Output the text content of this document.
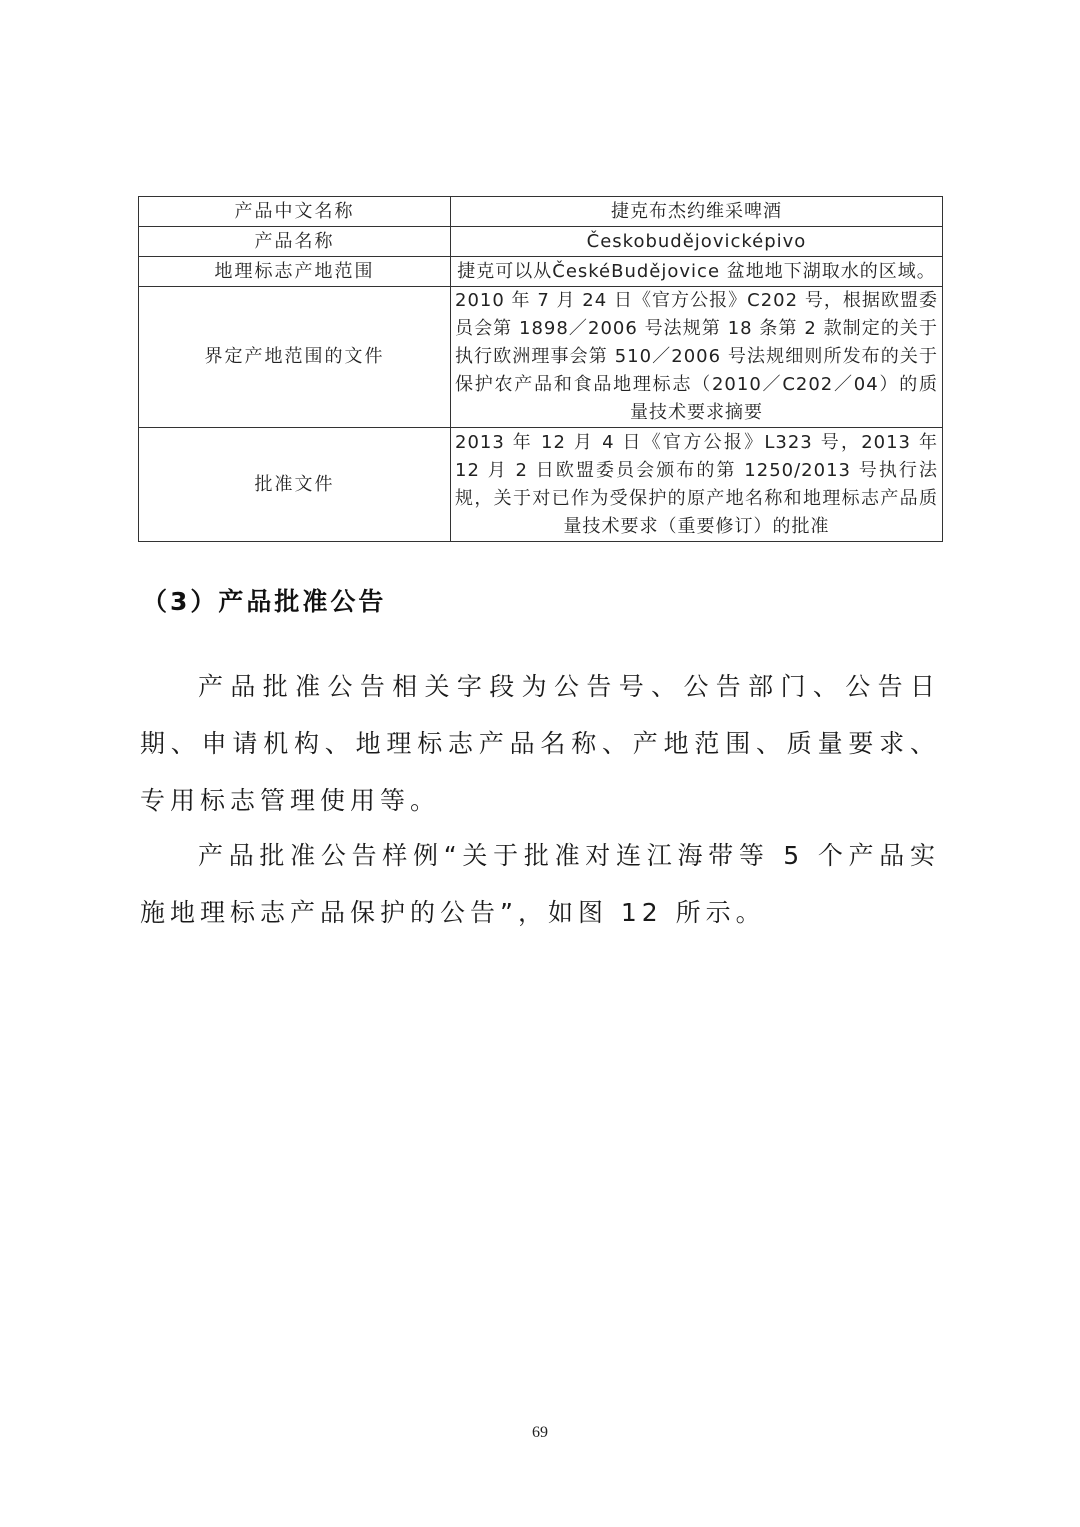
产品中文名称	捷克布杰约维采啤酒
产品名称	Českobudějovicképivo
地理标志产地范围	捷克可以从ČeskéBudějovice 盆地地下湖取水的区域。
界定产地范围的文件	2010 年 7 月 24 日《官方公报》C202 号，根据欧盟委员会第 1898／2006 号法规第 18 条第 2 款制定的关于执行欧洲理事会第 510／2006 号法规细则所发布的关于保护农产品和食品地理标志（2010／C202／04）的质量技术要求摘要
批准文件	2013 年 12 月 4 日《官方公报》L323 号，2013 年 12 月 2 日欧盟委员会颁布的第 1250/2013 号执行法规，关于对已作为受保护的原产地名称和地理标志产品质量技术要求（重要修订）的批准
（3）产品批准公告

产品批准公告相关字段为公告号、公告部门、公告日期、申请机构、地理标志产品名称、产地范围、质量要求、专用标志管理使用等。

产品批准公告样例“关于批准对连江海带等 5 个产品实施地理标志产品保护的公告”，如图 12 所示。

69
